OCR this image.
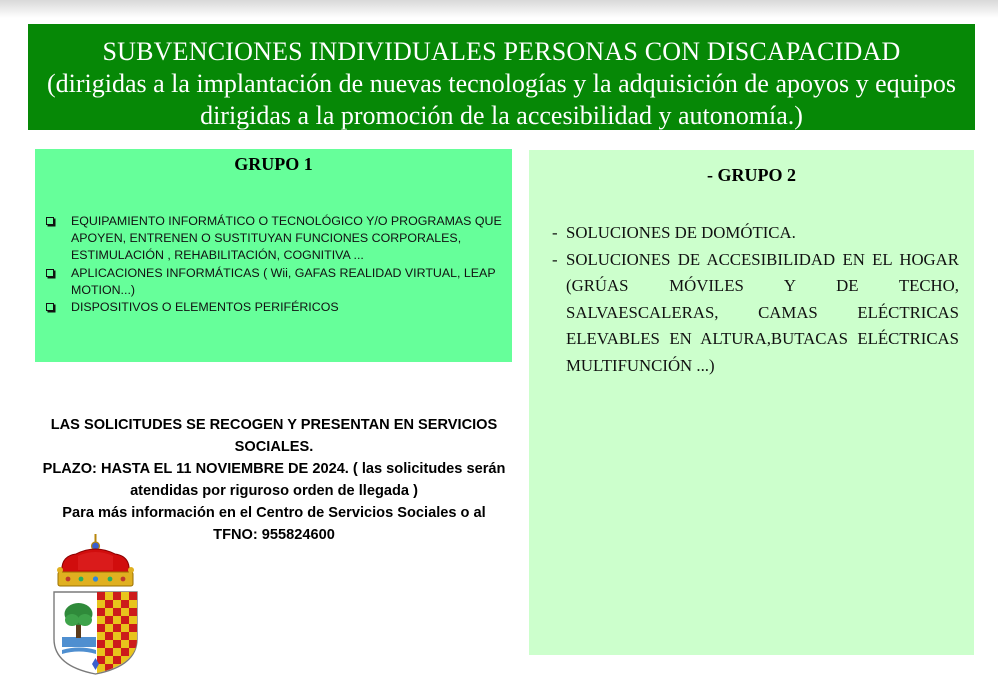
SUBVENCIONES INDIVIDUALES PERSONAS CON DISCAPACIDAD
(dirigidas a la implantación de nuevas tecnologías y la adquisición de apoyos y equipos dirigidas a la promoción de la accesibilidad y autonomía.)
GRUPO 1
EQUIPAMIENTO INFORMÁTICO O TECNOLÓGICO Y/O PROGRAMAS QUE APOYEN, ENTRENEN O SUSTITUYAN FUNCIONES CORPORALES, ESTIMULACIÓN , REHABILITACIÓN, COGNITIVA ...
APLICACIONES INFORMÁTICAS ( Wii, GAFAS REALIDAD VIRTUAL, LEAP MOTION...)
DISPOSITIVOS O ELEMENTOS PERIFÉRICOS
- GRUPO 2
- SOLUCIONES DE DOMÓTICA.
- SOLUCIONES DE ACCESIBILIDAD EN EL HOGAR (GRÚAS MÓVILES Y DE TECHO, SALVAESCALERAS, CAMAS ELÉCTRICAS ELEVABLES EN ALTURA,BUTACAS ELÉCTRICAS MULTIFUNCIÓN ...)
LAS SOLICITUDES SE RECOGEN Y PRESENTAN EN SERVICIOS SOCIALES.
PLAZO: HASTA EL 11 NOVIEMBRE DE 2024. ( las solicitudes serán atendidas por riguroso orden de llegada )
Para más información en el Centro de Servicios Sociales o al
TFNO: 955824600
